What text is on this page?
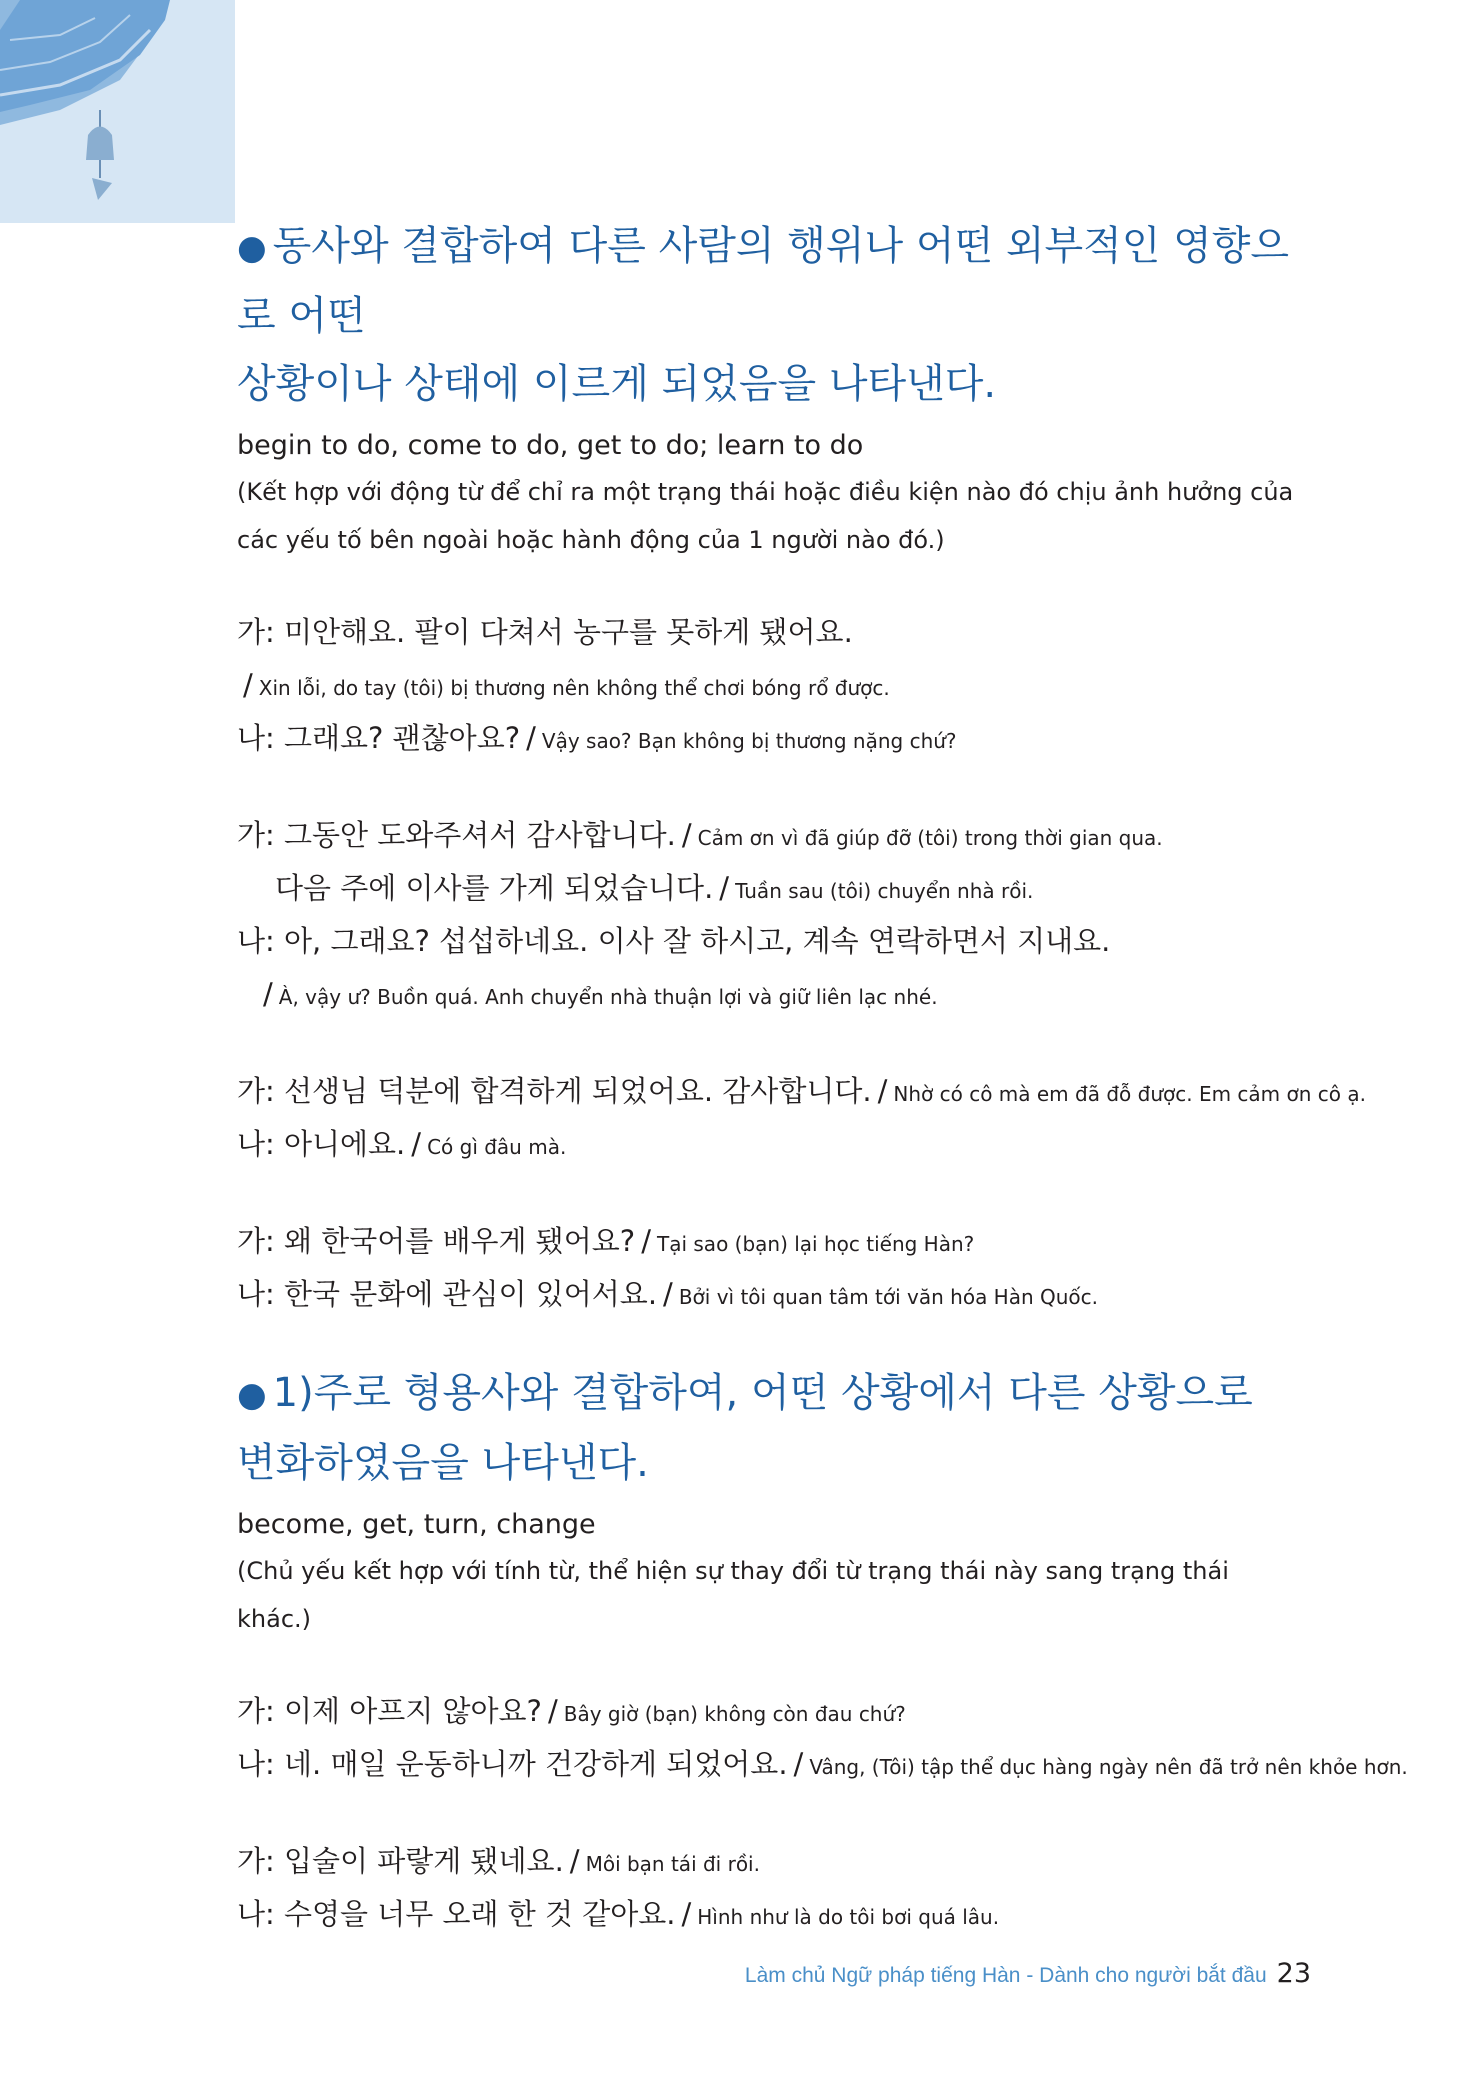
● 동사와 결합하여 다른 사람의 행위나 어떤 외부적인 영향으로 어떤
상황이나 상태에 이르게 되었음을 나타낸다.
begin to do, come to do, get to do; learn to do
(Kết hợp với động từ để chỉ ra một trạng thái hoặc điều kiện nào đó chịu ảnh hưởng của các yếu tố bên ngoài hoặc hành động của 1 người nào đó.)
가: 미안해요. 팔이 다쳐서 농구를 못하게 됐어요.
/ Xin lỗi, do tay (tôi) bị thương nên không thể chơi bóng rổ được.
나: 그래요? 괜찮아요? / Vậy sao? Bạn không bị thương nặng chứ?
가: 그동안 도와주셔서 감사합니다. / Cảm ơn vì đã giúp đỡ (tôi) trong thời gian qua.
다음 주에 이사를 가게 되었습니다. / Tuần sau (tôi) chuyển nhà rồi.
나: 아, 그래요? 섭섭하네요. 이사 잘 하시고, 계속 연락하면서 지내요.
/ À, vậy ư? Buồn quá. Anh chuyển nhà thuận lợi và giữ liên lạc nhé.
가: 선생님 덕분에 합격하게 되었어요. 감사합니다. / Nhờ có cô mà em đã đỗ được. Em cảm ơn cô ạ.
나: 아니에요. / Có gì đâu mà.
가: 왜 한국어를 배우게 됐어요? / Tại sao (bạn) lại học tiếng Hàn?
나: 한국 문화에 관심이 있어서요. / Bởi vì tôi quan tâm tới văn hóa Hàn Quốc.
● 1)주로 형용사와 결합하여, 어떤 상황에서 다른 상황으로
변화하였음을 나타낸다.
become, get, turn, change
(Chủ yếu kết hợp với tính từ, thể hiện sự thay đổi từ trạng thái này sang trạng thái khác.)
가: 이제 아프지 않아요? / Bây giờ (bạn) không còn đau chứ?
나: 네. 매일 운동하니까 건강하게 되었어요. / Vâng, (Tôi) tập thể dục hàng ngày nên đã trở nên khỏe hơn.
가: 입술이 파랗게 됐네요. / Môi bạn tái đi rồi.
나: 수영을 너무 오래 한 것 같아요. / Hình như là do tôi bơi quá lâu.
Làm chủ Ngữ pháp tiếng Hàn - Dành cho người bắt đầu 23
